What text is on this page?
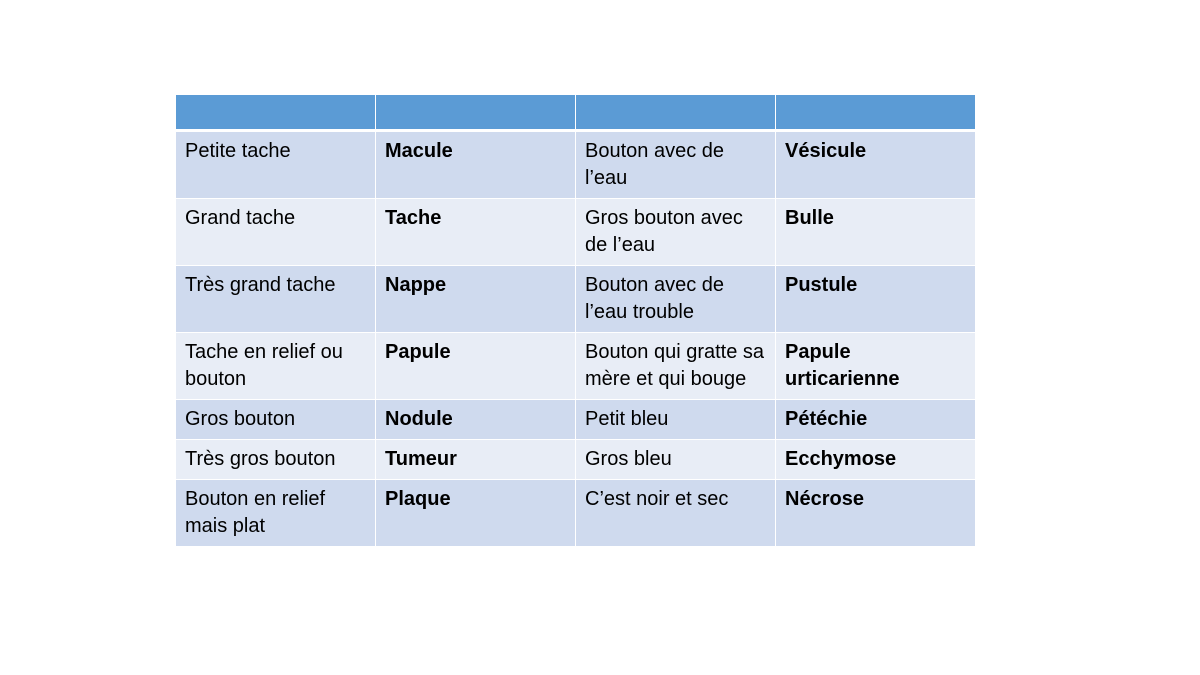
Petite tache	Macule	Bouton avec de l’eau	Vésicule
Grand tache	Tache	Gros bouton avec de l’eau	Bulle
Très grand tache	Nappe	Bouton avec de l’eau trouble	Pustule
Tache en relief ou bouton	Papule	Bouton qui gratte sa mère et qui bouge	Papule urticarienne
Gros bouton	Nodule	Petit bleu	Pétéchie
Très gros bouton	Tumeur	Gros bleu	Ecchymose
Bouton en relief mais plat	Plaque	C’est noir et sec	Nécrose
